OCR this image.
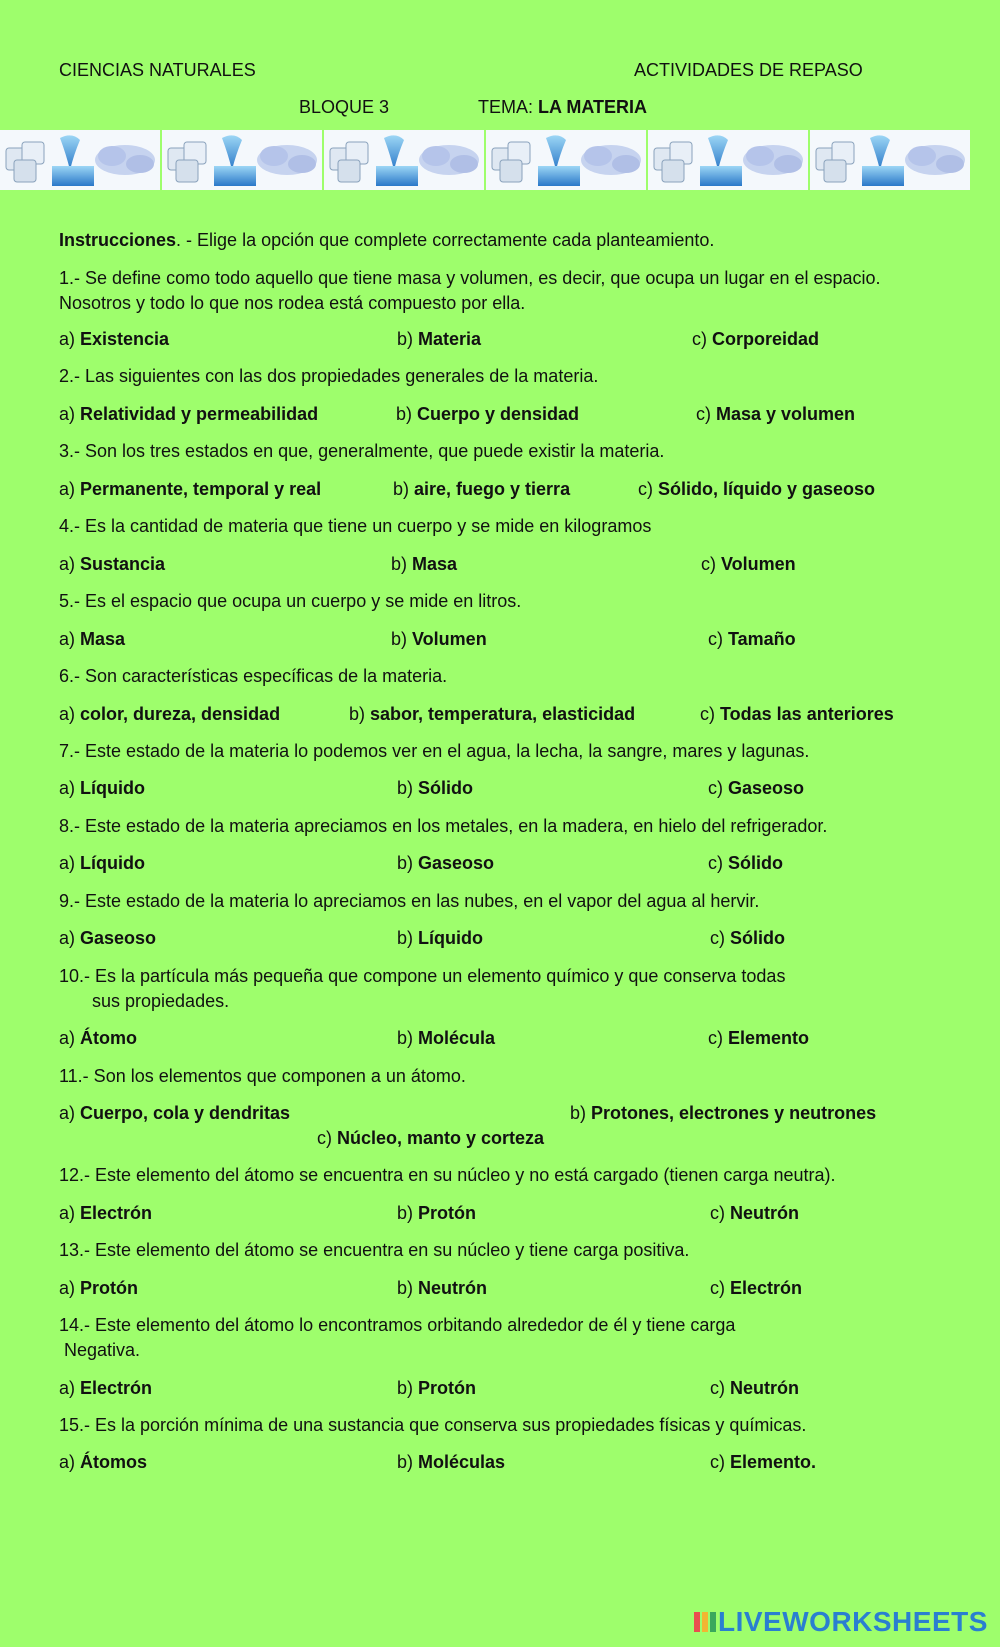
CIENCIAS NATURALES	ACTIVIDADES DE REPASO
BLOQUE 3	TEMA: LA MATERIA
Instrucciones. - Elige la opción que complete correctamente cada planteamiento.
1.- Se define como todo aquello que tiene masa y volumen, es decir, que ocupa un lugar en el espacio. Nosotros y todo lo que nos rodea está compuesto por ella.
a) Existencia	b) Materia	c) Corporeidad
2.- Las siguientes con las dos propiedades generales de la materia.
a) Relatividad y permeabilidad	b) Cuerpo y densidad	c) Masa y volumen
3.- Son los tres estados en que, generalmente, que puede existir la materia.
a) Permanente, temporal y real	b) aire, fuego y tierra	c) Sólido, líquido y gaseoso
4.- Es la cantidad de materia que tiene un cuerpo y se mide en kilogramos
a) Sustancia	b) Masa	c) Volumen
5.- Es el espacio que ocupa un cuerpo y se mide en litros.
a) Masa	b) Volumen	c) Tamaño
6.- Son características específicas de la materia.
a) color, dureza, densidad	b) sabor, temperatura, elasticidad	c) Todas las anteriores
7.- Este estado de la materia lo podemos ver en el agua, la lecha, la sangre, mares y lagunas.
a) Líquido	b) Sólido	c) Gaseoso
8.- Este estado de la materia apreciamos en los metales, en la madera, en hielo del refrigerador.
a) Líquido	b) Gaseoso	c) Sólido
9.- Este estado de la materia lo apreciamos en las nubes, en el vapor del agua al hervir.
a) Gaseoso	b) Líquido	c) Sólido
10.- Es la partícula más pequeña que compone un elemento químico y que conserva todas
sus propiedades.
a) Átomo	b) Molécula	c) Elemento
11.- Son los elementos que componen a un átomo.
a) Cuerpo, cola y dendritas	b) Protones, electrones y neutrones
c) Núcleo, manto y corteza
12.- Este elemento del átomo se encuentra en su núcleo y no está cargado (tienen carga neutra).
a) Electrón	b) Protón	c) Neutrón
13.- Este elemento del átomo se encuentra en su núcleo y tiene carga positiva.
a) Protón	b) Neutrón	c) Electrón
14.- Este elemento del átomo lo encontramos orbitando alrededor de él y tiene carga
Negativa.
a) Electrón	b) Protón	c) Neutrón
15.- Es la porción mínima de una sustancia que conserva sus propiedades físicas y químicas.
a) Átomos	b) Moléculas	c) Elemento.
LIVEWORKSHEETS
